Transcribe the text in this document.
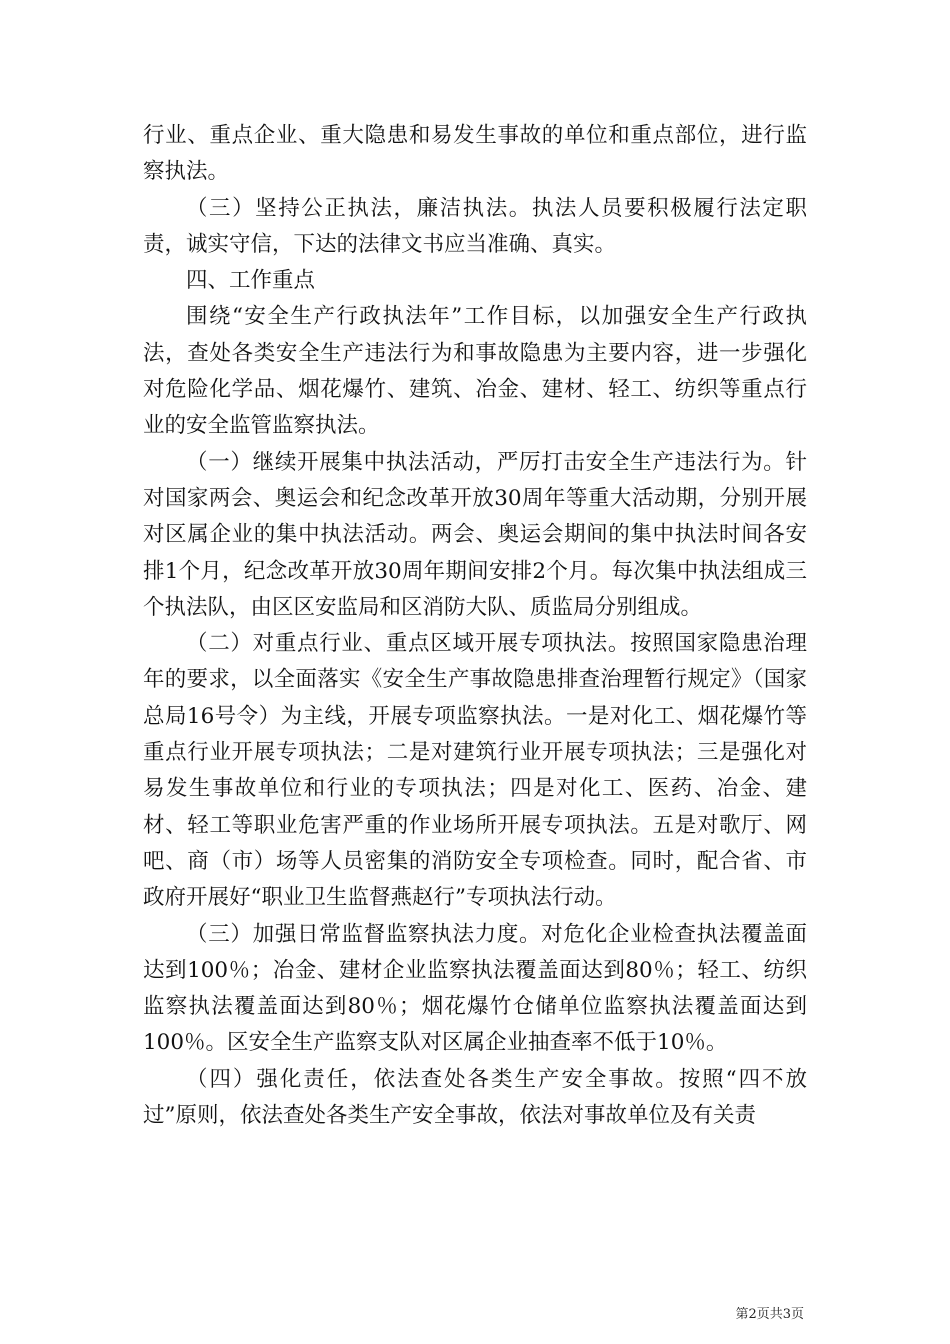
行业、重点企业、重大隐患和易发生事故的单位和重点部位，进行监察执法。

（三）坚持公正执法，廉洁执法。执法人员要积极履行法定职责，诚实守信，下达的法律文书应当准确、真实。

四、工作重点

围绕“安全生产行政执法年”工作目标，以加强安全生产行政执法，查处各类安全生产违法行为和事故隐患为主要内容，进一步强化对危险化学品、烟花爆竹、建筑、冶金、建材、轻工、纺织等重点行业的安全监管监察执法。

（一）继续开展集中执法活动，严厉打击安全生产违法行为。针对国家两会、奥运会和纪念改革开放30周年等重大活动期，分别开展对区属企业的集中执法活动。两会、奥运会期间的集中执法时间各安排1个月，纪念改革开放30周年期间安排2个月。每次集中执法组成三个执法队，由区区安监局和区消防大队、质监局分别组成。

（二）对重点行业、重点区域开展专项执法。按照国家隐患治理年的要求，以全面落实《安全生产事故隐患排查治理暂行规定》（国家总局16号令）为主线，开展专项监察执法。一是对化工、烟花爆竹等重点行业开展专项执法；二是对建筑行业开展专项执法；三是强化对易发生事故单位和行业的专项执法；四是对化工、医药、冶金、建材、轻工等职业危害严重的作业场所开展专项执法。五是对歌厅、网吧、商（市）场等人员密集的消防安全专项检查。同时，配合省、市政府开展好“职业卫生监督燕赵行”专项执法行动。

（三）加强日常监督监察执法力度。对危化企业检查执法覆盖面达到100％；冶金、建材企业监察执法覆盖面达到80％；轻工、纺织监察执法覆盖面达到80％；烟花爆竹仓储单位监察执法覆盖面达到100％。区安全生产监察支队对区属企业抽查率不低于10％。

（四）强化责任，依法查处各类生产安全事故。按照“四不放过”原则，依法查处各类生产安全事故，依法对事故单位及有关责

第2页共3页
